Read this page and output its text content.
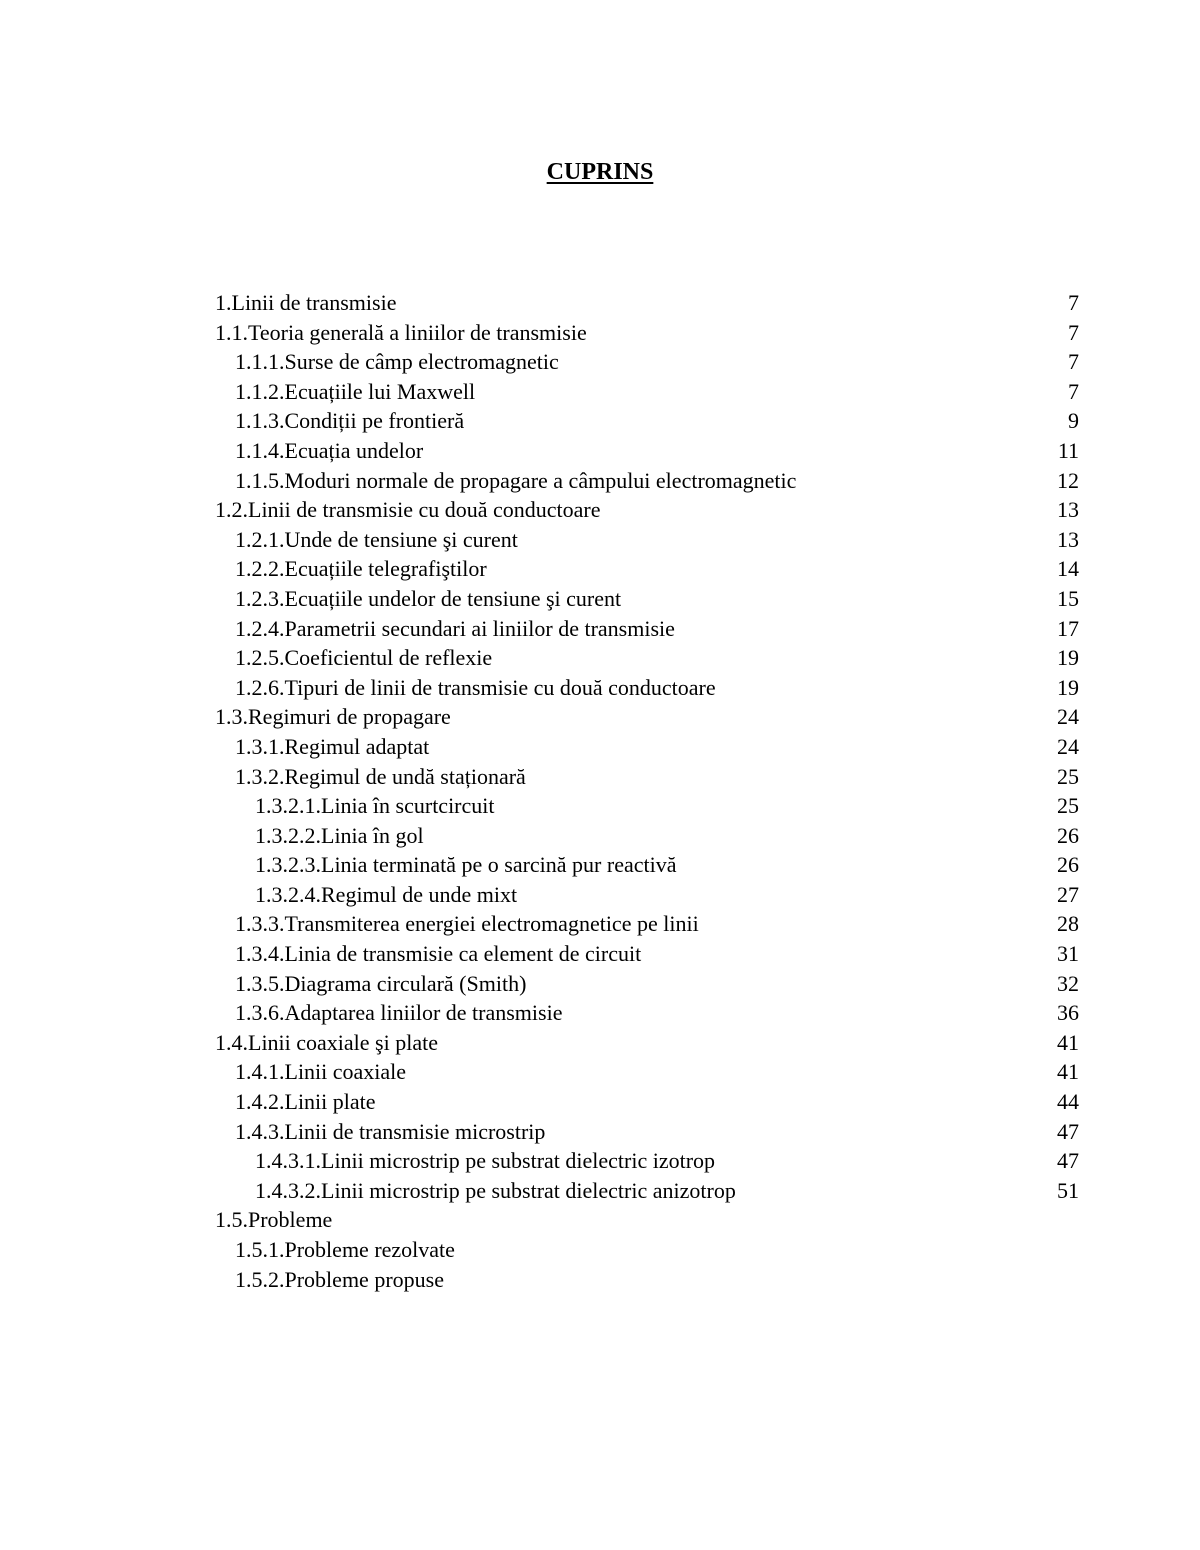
CUPRINS
1.Linii de transmisie	7
1.1.Teoria generală a liniilor de transmisie	7
1.1.1.Surse de câmp electromagnetic	7
1.1.2.Ecuațiile lui Maxwell	7
1.1.3.Condiții pe frontieră	9
1.1.4.Ecuația undelor	11
1.1.5.Moduri normale de propagare a câmpului electromagnetic	12
1.2.Linii de transmisie cu două conductoare	13
1.2.1.Unde de tensiune şi curent	13
1.2.2.Ecuațiile telegrafiştilor	14
1.2.3.Ecuațiile undelor de tensiune şi curent	15
1.2.4.Parametrii secundari ai liniilor de transmisie	17
1.2.5.Coeficientul de reflexie	19
1.2.6.Tipuri de linii de transmisie cu două conductoare	19
1.3.Regimuri de propagare	24
1.3.1.Regimul adaptat	24
1.3.2.Regimul de undă staționară	25
1.3.2.1.Linia în scurtcircuit	25
1.3.2.2.Linia în gol	26
1.3.2.3.Linia terminată pe o sarcină pur reactivă	26
1.3.2.4.Regimul de unde mixt	27
1.3.3.Transmiterea energiei electromagnetice pe linii	28
1.3.4.Linia de transmisie ca element de circuit	31
1.3.5.Diagrama circulară (Smith)	32
1.3.6.Adaptarea liniilor de transmisie	36
1.4.Linii coaxiale şi plate	41
1.4.1.Linii coaxiale	41
1.4.2.Linii plate	44
1.4.3.Linii de transmisie microstrip	47
1.4.3.1.Linii microstrip pe substrat dielectric izotrop	47
1.4.3.2.Linii microstrip pe substrat dielectric anizotrop	51
1.5.Probleme
1.5.1.Probleme rezolvate
1.5.2.Probleme propuse
